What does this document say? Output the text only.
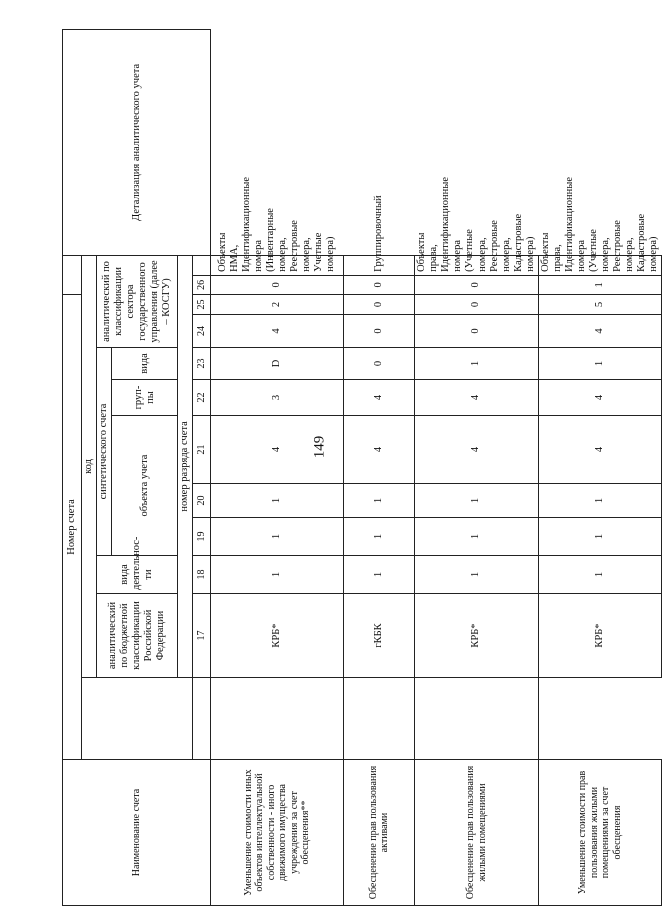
149
Наименование счета	Номер счета												Детализация аналитического учета
		код											
		аналитический по бюджетной классификации Российской Федерации	вида деятельнос-ти	синтетического счета					аналитический по классификации сектора государственного управления (далее – КОСГУ)				
				объекта учета			груп-пы	вида					

		номер разряда счета											
		17	18	19	20	21	22	23	24	25	26		
Уменьшение стоимости иных объектов интеллектуальной собственности - иного движимого имущества учреждения за счет обесценения**		КРБ*	1	1	1	4	3	D	4	2	0	Объекты НМА, Идентификационные номера (Инвентарные номера, Реестровые номера, Учетные номера)	
Обесценение прав пользования активами		гКБК	1	1	1	4	4	0	0	0	0	Группировочный	
Обесценение прав пользования жилыми помещениями		КРБ*	1	1	1	4	4	1	0	0	0	Объекты права, Идентификационные номера (Учетные номера, Реестровые номера, Кадастровые номера)	
Уменьшение стоимости прав пользования жилыми помещениями за счет обесценения		КРБ*	1	1	1	4	4	1	4	5	1	Объекты права, Идентификационные номера (Учетные номера, Реестровые номера, Кадастровые номера)	
